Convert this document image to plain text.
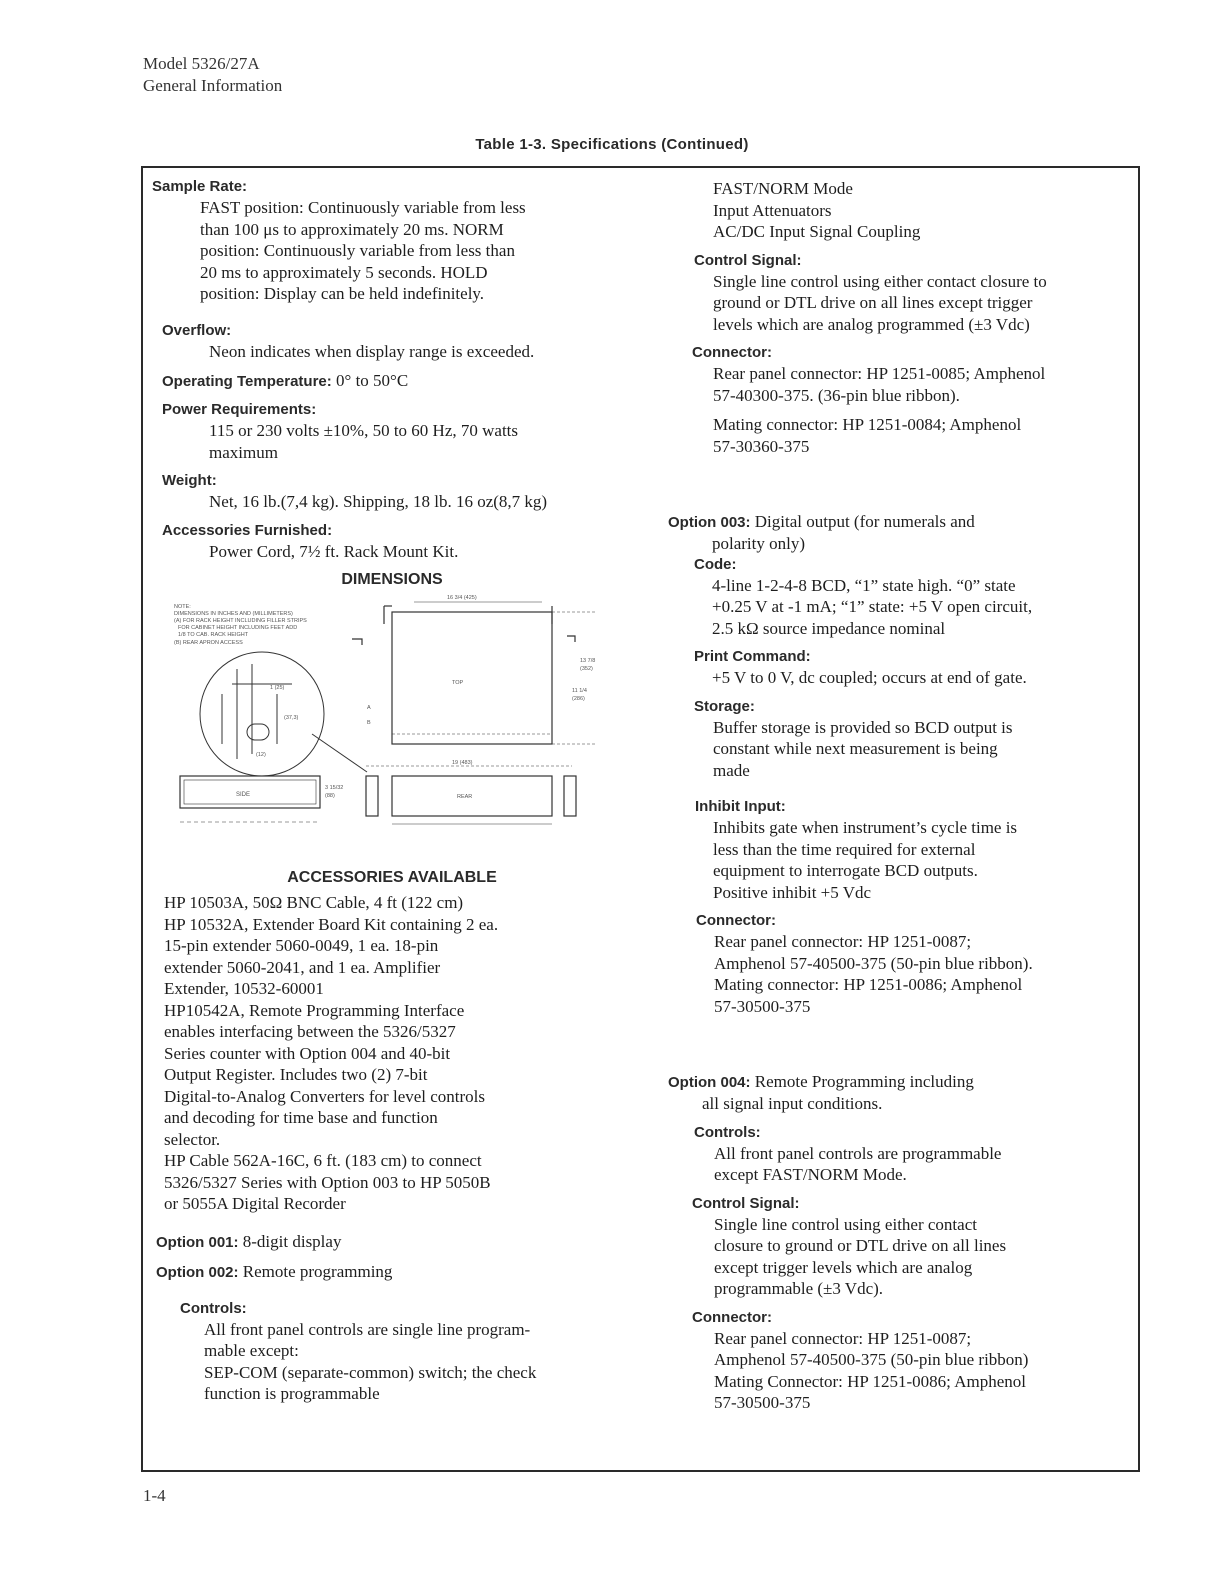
Model 5326/27A
General Information
Table 1-3. Specifications (Continued)
Sample Rate:
FAST position: Continuously variable from less
than 100 μs to approximately 20 ms. NORM
position: Continuously variable from less than
20 ms to approximately 5 seconds. HOLD
position: Display can be held indefinitely.
Overflow:
Neon indicates when display range is exceeded.
Operating Temperature: 0° to 50°C
Power Requirements:
115 or 230 volts ±10%, 50 to 60 Hz, 70 watts
maximum
Weight:
Net, 16 lb.(7,4 kg). Shipping, 18 lb. 16 oz(8,7 kg)
Accessories Furnished:
Power Cord, 7½ ft. Rack Mount Kit.
DIMENSIONS
NOTE:
DIMENSIONS IN INCHES AND (MILLIMETERS)
(A) FOR RACK HEIGHT INCLUDING FILLER STRIPS
FOR CABINET HEIGHT INCLUDING FEET ADD
1/8 TO CAB. RACK HEIGHT
(B) REAR APRON ACCESS
1 (25)
(37,3)
(12)
16 3/4 (425)
TOP
13 7/8
(352)
11 1/4
(286)
A
B
SIDE
3 15/32
(88)
19 (483)
REAR
ACCESSORIES AVAILABLE
HP 10503A, 50Ω BNC Cable, 4 ft (122 cm)
HP 10532A, Extender Board Kit containing 2 ea.
15-pin extender 5060-0049, 1 ea. 18-pin
extender 5060-2041, and 1 ea. Amplifier
Extender, 10532-60001
HP10542A, Remote Programming Interface
enables interfacing between the 5326/5327
Series counter with Option 004 and 40-bit
Output Register. Includes two (2) 7-bit
Digital-to-Analog Converters for level controls
and decoding for time base and function
selector.
HP Cable 562A-16C, 6 ft. (183 cm) to connect
5326/5327 Series with Option 003 to HP 5050B
or 5055A Digital Recorder
Option 001: 8-digit display
Option 002: Remote programming
Controls:
All front panel controls are single line program-
mable except:
SEP-COM (separate-common) switch; the check
function is programmable
FAST/NORM Mode
Input Attenuators
AC/DC Input Signal Coupling
Control Signal:
Single line control using either contact closure to
ground or DTL drive on all lines except trigger
levels which are analog programmed (±3 Vdc)
Connector:
Rear panel connector: HP 1251-0085; Amphenol
57-40300-375. (36-pin blue ribbon).
Mating connector: HP 1251-0084; Amphenol
57-30360-375
Option 003: Digital output (for numerals and
polarity only)
Code:
4-line 1-2-4-8 BCD, “1” state high. “0” state
+0.25 V at -1 mA; “1” state: +5 V open circuit,
2.5 kΩ source impedance nominal
Print Command:
+5 V to 0 V, dc coupled; occurs at end of gate.
Storage:
Buffer storage is provided so BCD output is
constant while next measurement is being
made
Inhibit Input:
Inhibits gate when instrument’s cycle time is
less than the time required for external
equipment to interrogate BCD outputs.
Positive inhibit +5 Vdc
Connector:
Rear panel connector: HP 1251-0087;
Amphenol 57-40500-375 (50-pin blue ribbon).
Mating connector: HP 1251-0086; Amphenol
57-30500-375
Option 004: Remote Programming including
all signal input conditions.
Controls:
All front panel controls are programmable
except FAST/NORM Mode.
Control Signal:
Single line control using either contact
closure to ground or DTL drive on all lines
except trigger levels which are analog
programmable (±3 Vdc).
Connector:
Rear panel connector: HP 1251-0087;
Amphenol 57-40500-375 (50-pin blue ribbon)
Mating Connector: HP 1251-0086; Amphenol
57-30500-375
1-4
